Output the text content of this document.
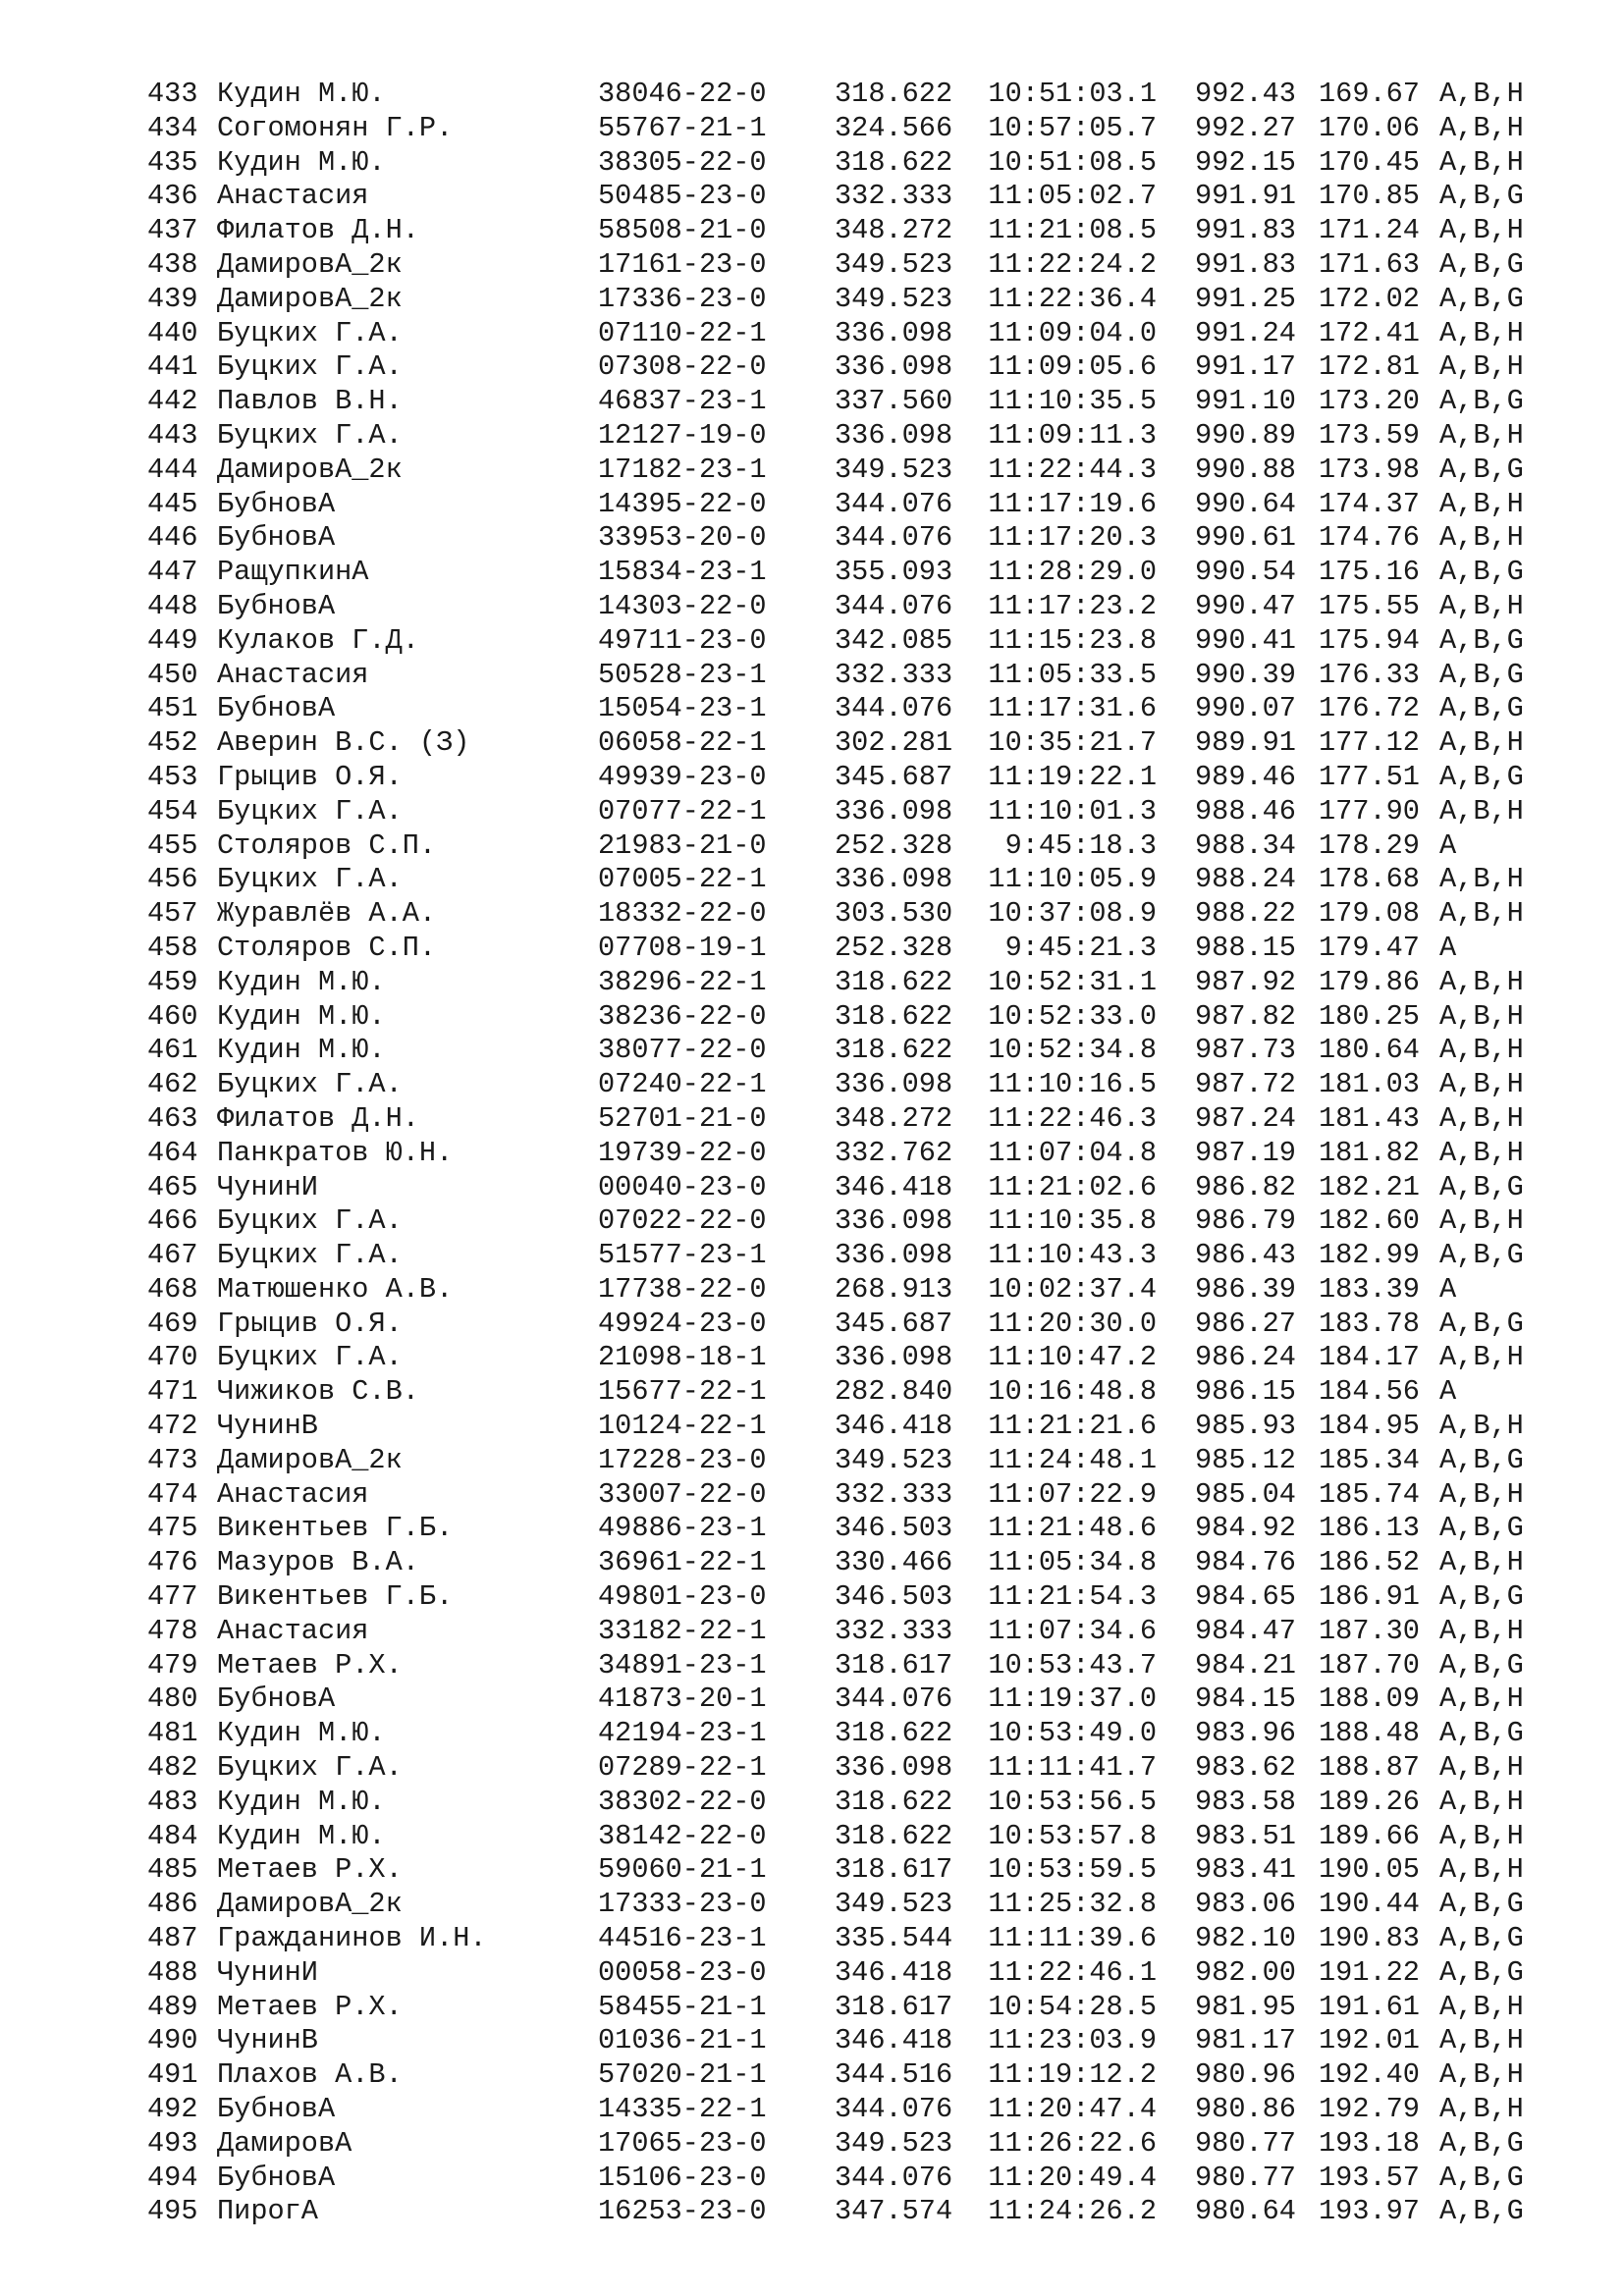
433 Кудин М.Ю.	38046-22-0 318.622	10:51:03.1 992.43 169.67 A,B,H
434 Согомонян Г.Р.	55767-21-1 324.566	10:57:05.7 992.27 170.06 A,B,H
435 Кудин М.Ю.	38305-22-0 318.622	10:51:08.5 992.15 170.45 A,B,H
436 Анастасия	50485-23-0 332.333	11:05:02.7 991.91 170.85 A,B,G
437 Филатов Д.Н.	58508-21-0 348.272	11:21:08.5 991.83 171.24 A,B,H
438 ДамировА_2к	17161-23-0 349.523	11:22:24.2 991.83 171.63 A,B,G
439 ДамировА_2к	17336-23-0 349.523	11:22:36.4 991.25 172.02 A,B,G
440 Буцких Г.А.	07110-22-1 336.098	11:09:04.0 991.24 172.41 A,B,H
441 Буцких Г.А.	07308-22-0 336.098	11:09:05.6 991.17 172.81 A,B,H
442 Павлов В.Н.	46837-23-1 337.560	11:10:35.5 991.10 173.20 A,B,G
443 Буцких Г.А.	12127-19-0 336.098	11:09:11.3 990.89 173.59 A,B,H
444 ДамировА_2к	17182-23-1 349.523	11:22:44.3 990.88 173.98 A,B,G
445 БубновА	14395-22-0 344.076	11:17:19.6 990.64 174.37 A,B,H
446 БубновА	33953-20-0 344.076	11:17:20.3 990.61 174.76 A,B,H
447 РащупкинА	15834-23-1 355.093	11:28:29.0 990.54 175.16 A,B,G
448 БубновА	14303-22-0 344.076	11:17:23.2 990.47 175.55 A,B,H
449 Кулаков Г.Д.	49711-23-0 342.085	11:15:23.8 990.41 175.94 A,B,G
450 Анастасия	50528-23-1 332.333	11:05:33.5 990.39 176.33 A,B,G
451 БубновА	15054-23-1 344.076	11:17:31.6 990.07 176.72 A,B,G
452 Аверин В.С. (З)	06058-22-1 302.281	10:35:21.7 989.91 177.12 A,B,H
453 Грыцив О.Я.	49939-23-0 345.687	11:19:22.1 989.46 177.51 A,B,G
454 Буцких Г.А.	07077-22-1 336.098	11:10:01.3 988.46 177.90 A,B,H
455 Столяров С.П.	21983-21-0 252.328	9:45:18.3 988.34 178.29 A
456 Буцких Г.А.	07005-22-1 336.098	11:10:05.9 988.24 178.68 A,B,H
457 Журавлёв А.А.	18332-22-0 303.530	10:37:08.9 988.22 179.08 A,B,H
458 Столяров С.П.	07708-19-1 252.328	9:45:21.3 988.15 179.47 A
459 Кудин М.Ю.	38296-22-1 318.622	10:52:31.1 987.92 179.86 A,B,H
460 Кудин М.Ю.	38236-22-0 318.622	10:52:33.0 987.82 180.25 A,B,H
461 Кудин М.Ю.	38077-22-0 318.622	10:52:34.8 987.73 180.64 A,B,H
462 Буцких Г.А.	07240-22-1 336.098	11:10:16.5 987.72 181.03 A,B,H
463 Филатов Д.Н.	52701-21-0 348.272	11:22:46.3 987.24 181.43 A,B,H
464 Панкратов Ю.Н.	19739-22-0 332.762	11:07:04.8 987.19 181.82 A,B,H
465 ЧунинИ	00040-23-0 346.418	11:21:02.6 986.82 182.21 A,B,G
466 Буцких Г.А.	07022-22-0 336.098	11:10:35.8 986.79 182.60 A,B,H
467 Буцких Г.А.	51577-23-1 336.098	11:10:43.3 986.43 182.99 A,B,G
468 Матюшенко А.В.	17738-22-0 268.913	10:02:37.4 986.39 183.39 A
469 Грыцив О.Я.	49924-23-0 345.687	11:20:30.0 986.27 183.78 A,B,G
470 Буцких Г.А.	21098-18-1 336.098	11:10:47.2 986.24 184.17 A,B,H
471 Чижиков С.В.	15677-22-1 282.840	10:16:48.8 986.15 184.56 A
472 ЧунинВ	10124-22-1 346.418	11:21:21.6 985.93 184.95 A,B,H
473 ДамировА_2к	17228-23-0 349.523	11:24:48.1 985.12 185.34 A,B,G
474 Анастасия	33007-22-0 332.333	11:07:22.9 985.04 185.74 A,B,H
475 Викентьев Г.Б.	49886-23-1 346.503	11:21:48.6 984.92 186.13 A,B,G
476 Мазуров В.А.	36961-22-1 330.466	11:05:34.8 984.76 186.52 A,B,H
477 Викентьев Г.Б.	49801-23-0 346.503	11:21:54.3 984.65 186.91 A,B,G
478 Анастасия	33182-22-1 332.333	11:07:34.6 984.47 187.30 A,B,H
479 Метаев Р.Х.	34891-23-1 318.617	10:53:43.7 984.21 187.70 A,B,G
480 БубновА	41873-20-1 344.076	11:19:37.0 984.15 188.09 A,B,H
481 Кудин М.Ю.	42194-23-1 318.622	10:53:49.0 983.96 188.48 A,B,G
482 Буцких Г.А.	07289-22-1 336.098	11:11:41.7 983.62 188.87 A,B,H
483 Кудин М.Ю.	38302-22-0 318.622	10:53:56.5 983.58 189.26 A,B,H
484 Кудин М.Ю.	38142-22-0 318.622	10:53:57.8 983.51 189.66 A,B,H
485 Метаев Р.Х.	59060-21-1 318.617	10:53:59.5 983.41 190.05 A,B,H
486 ДамировА_2к	17333-23-0 349.523	11:25:32.8 983.06 190.44 A,B,G
487 Гражданинов И.Н.	44516-23-1 335.544	11:11:39.6 982.10 190.83 A,B,G
488 ЧунинИ	00058-23-0 346.418	11:22:46.1 982.00 191.22 A,B,G
489 Метаев Р.Х.	58455-21-1 318.617	10:54:28.5 981.95 191.61 A,B,H
490 ЧунинВ	01036-21-1 346.418	11:23:03.9 981.17 192.01 A,B,H
491 Плахов А.В.	57020-21-1 344.516	11:19:12.2 980.96 192.40 A,B,H
492 БубновА	14335-22-1 344.076	11:20:47.4 980.86 192.79 A,B,H
493 ДамировА	17065-23-0 349.523	11:26:22.6 980.77 193.18 A,B,G
494 БубновА	15106-23-0 344.076	11:20:49.4 980.77 193.57 A,B,G
495 ПирогА	16253-23-0 347.574	11:24:26.2 980.64 193.97 A,B,G
